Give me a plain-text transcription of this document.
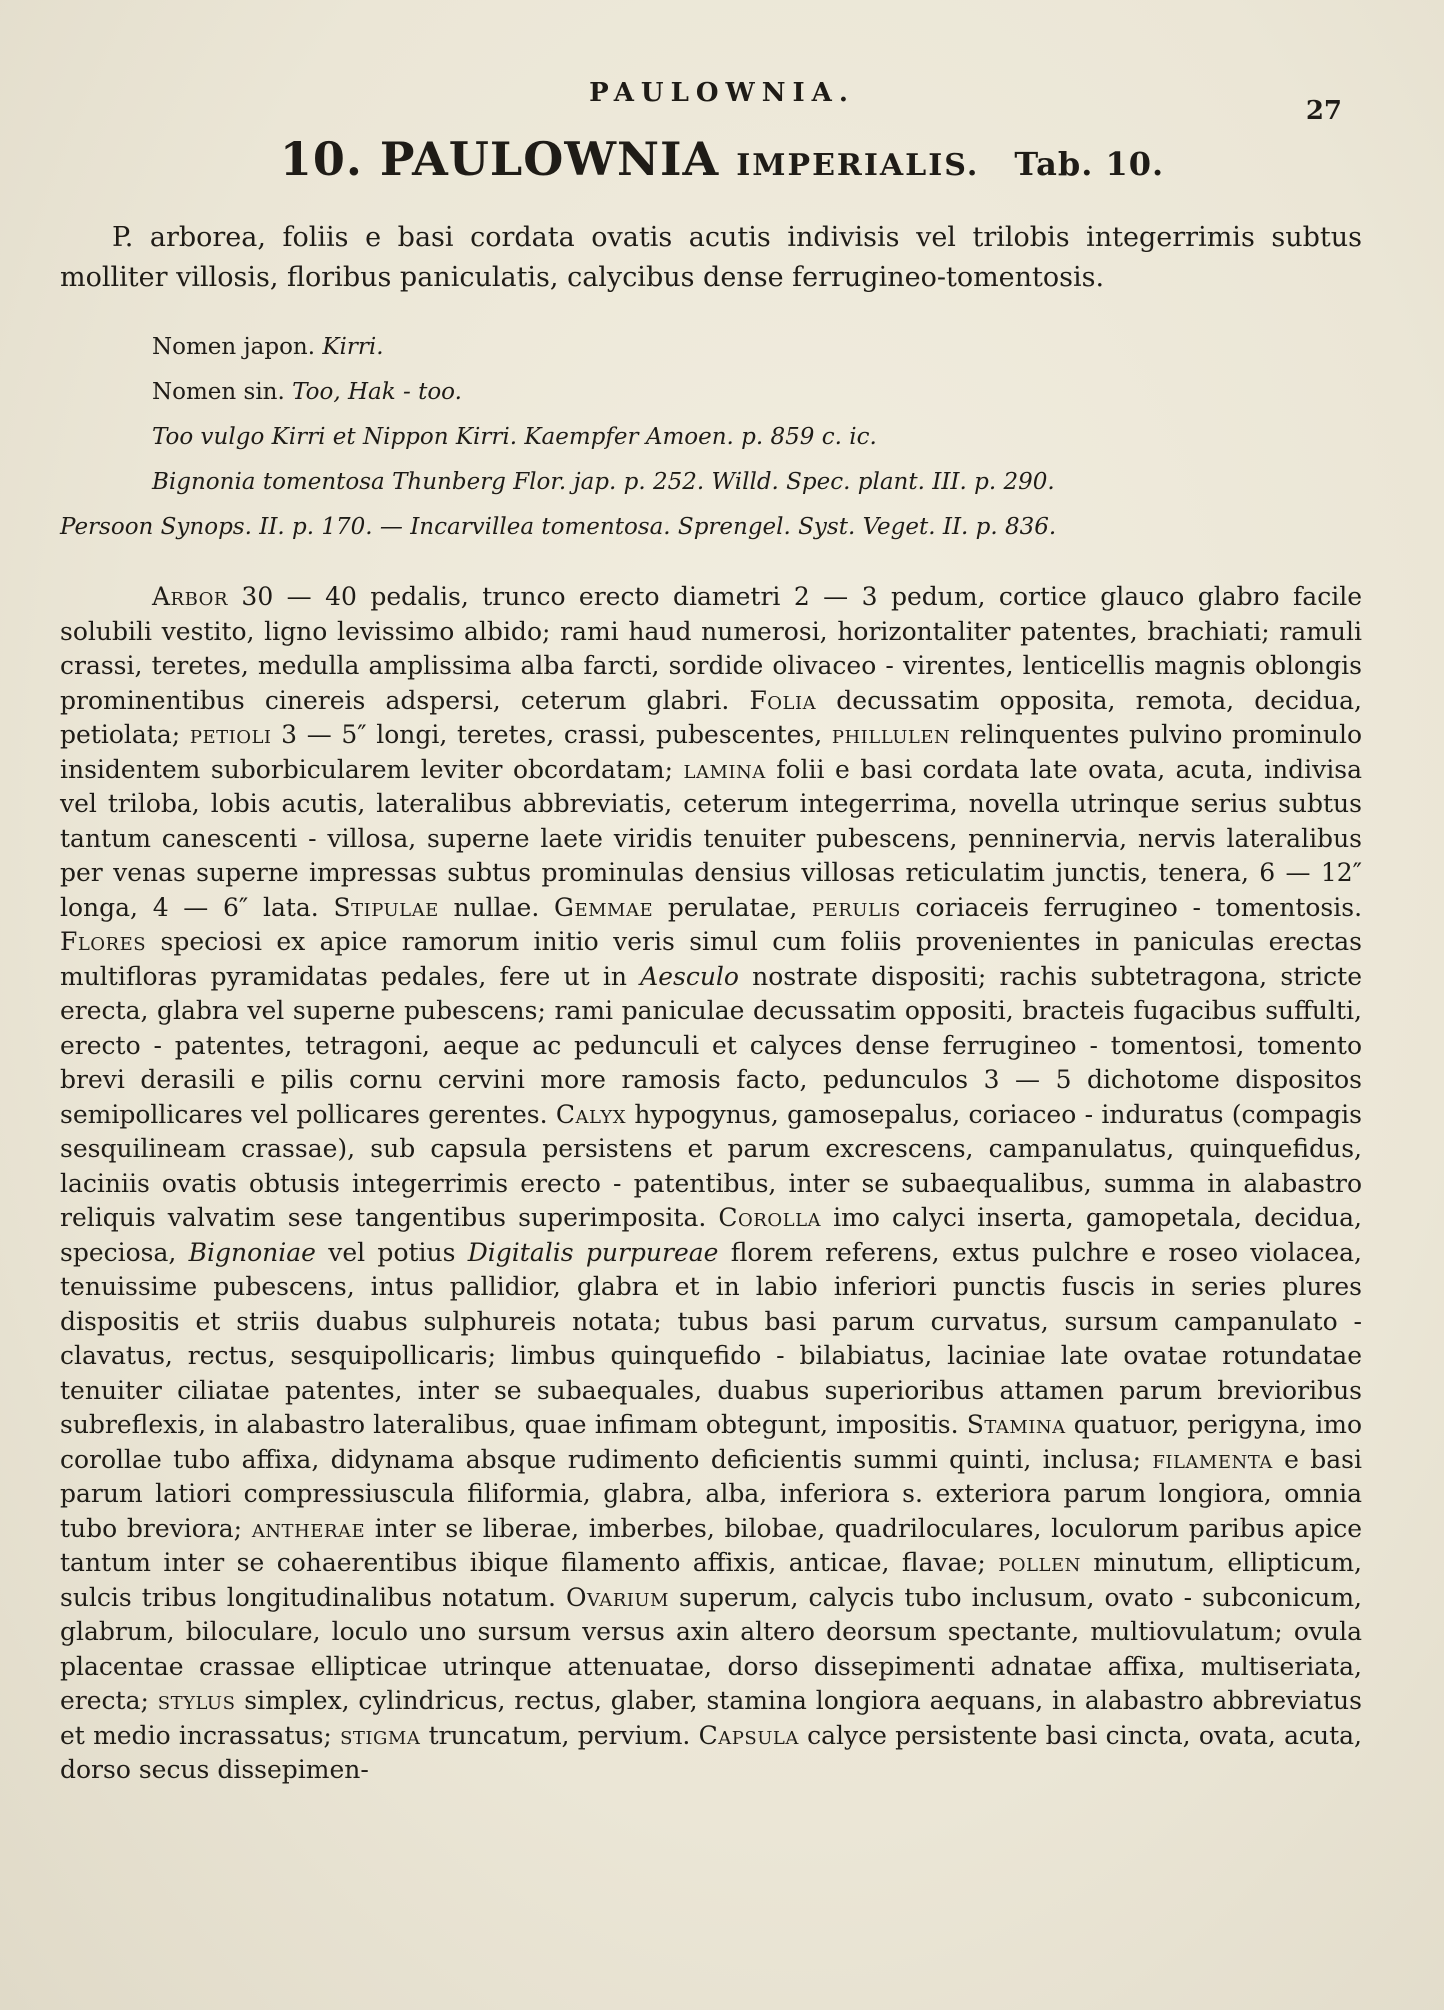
PAULOWNIA.
27
10. PAULOWNIA IMPERIALIS. Tab. 10.

P. arborea, foliis e basi cordata ovatis acutis indivisis vel trilobis integerrimis subtus molliter villosis, floribus paniculatis, calycibus dense ferrugineo-tomentosis.

Nomen japon. Kirri.
Nomen sin. Too, Hak - too.
Too vulgo Kirri et Nippon Kirri. Kaempfer Amoen. p. 859 c. ic.
Bignonia tomentosa Thunberg Flor. jap. p. 252. Willd. Spec. plant. III. p. 290.
Persoon Synops. II. p. 170. — Incarvillea tomentosa. Sprengel. Syst. Veget. II. p. 836.

Arbor 30 — 40 pedalis, trunco erecto diametri 2 — 3 pedum, cortice glauco glabro facile solubili vestito, ligno levissimo albido; rami haud numerosi, horizontaliter patentes, brachiati; ramuli crassi, teretes, medulla amplissima alba farcti, sordide olivaceo - virentes, lenticellis magnis oblongis prominentibus cinereis adspersi, ceterum glabri. Folia decussatim opposita, remota, decidua, petiolata; petioli 3 — 5″ longi, teretes, crassi, pubescentes, phillulen relinquentes pulvino prominulo insidentem suborbicularem leviter obcordatam; lamina folii e basi cordata late ovata, acuta, indivisa vel triloba, lobis acutis, lateralibus abbreviatis, ceterum integerrima, novella utrinque serius subtus tantum canescenti - villosa, superne laete viridis tenuiter pubescens, penninervia, nervis lateralibus per venas superne impressas subtus prominulas densius villosas reticulatim junctis, tenera, 6 — 12″ longa, 4 — 6″ lata. Stipulae nullae. Gemmae perulatae, perulis coriaceis ferrugineo - tomentosis. Flores speciosi ex apice ramorum initio veris simul cum foliis provenientes in paniculas erectas multifloras pyramidatas pedales, fere ut in Aesculo nostrate dispositi; rachis subtetragona, stricte erecta, glabra vel superne pubescens; rami paniculae decussatim oppositi, bracteis fugacibus suffulti, erecto - patentes, tetragoni, aeque ac pedunculi et calyces dense ferrugineo - tomentosi, tomento brevi derasili e pilis cornu cervini more ramosis facto, pedunculos 3 — 5 dichotome dispositos semipollicares vel pollicares gerentes. Calyx hypogynus, gamosepalus, coriaceo - induratus (compagis sesquilineam crassae), sub capsula persistens et parum excrescens, campanulatus, quinquefidus, laciniis ovatis obtusis integerrimis erecto - patentibus, inter se subaequalibus, summa in alabastro reliquis valvatim sese tangentibus superimposita. Corolla imo calyci inserta, gamopetala, decidua, speciosa, Bignoniae vel potius Digitalis purpureae florem referens, extus pulchre e roseo violacea, tenuissime pubescens, intus pallidior, glabra et in labio inferiori punctis fuscis in series plures dispositis et striis duabus sulphureis notata; tubus basi parum curvatus, sursum campanulato - clavatus, rectus, sesquipollicaris; limbus quinquefido - bilabiatus, laciniae late ovatae rotundatae tenuiter ciliatae patentes, inter se subaequales, duabus superioribus attamen parum brevioribus subreflexis, in alabastro lateralibus, quae infimam obtegunt, impositis. Stamina quatuor, perigyna, imo corollae tubo affixa, didynama absque rudimento deficientis summi quinti, inclusa; filamenta e basi parum latiori compressiuscula filiformia, glabra, alba, inferiora s. exteriora parum longiora, omnia tubo breviora; antherae inter se liberae, imberbes, bilobae, quadriloculares, loculorum paribus apice tantum inter se cohaerentibus ibique filamento affixis, anticae, flavae; pollen minutum, ellipticum, sulcis tribus longitudinalibus notatum. Ovarium superum, calycis tubo inclusum, ovato - subconicum, glabrum, biloculare, loculo uno sursum versus axin altero deorsum spectante, multiovulatum; ovula placentae crassae ellipticae utrinque attenuatae, dorso dissepimenti adnatae affixa, multiseriata, erecta; stylus simplex, cylindricus, rectus, glaber, stamina longiora aequans, in alabastro abbreviatus et medio incrassatus; stigma truncatum, pervium. Capsula calyce persistente basi cincta, ovata, acuta, dorso secus dissepimen-
